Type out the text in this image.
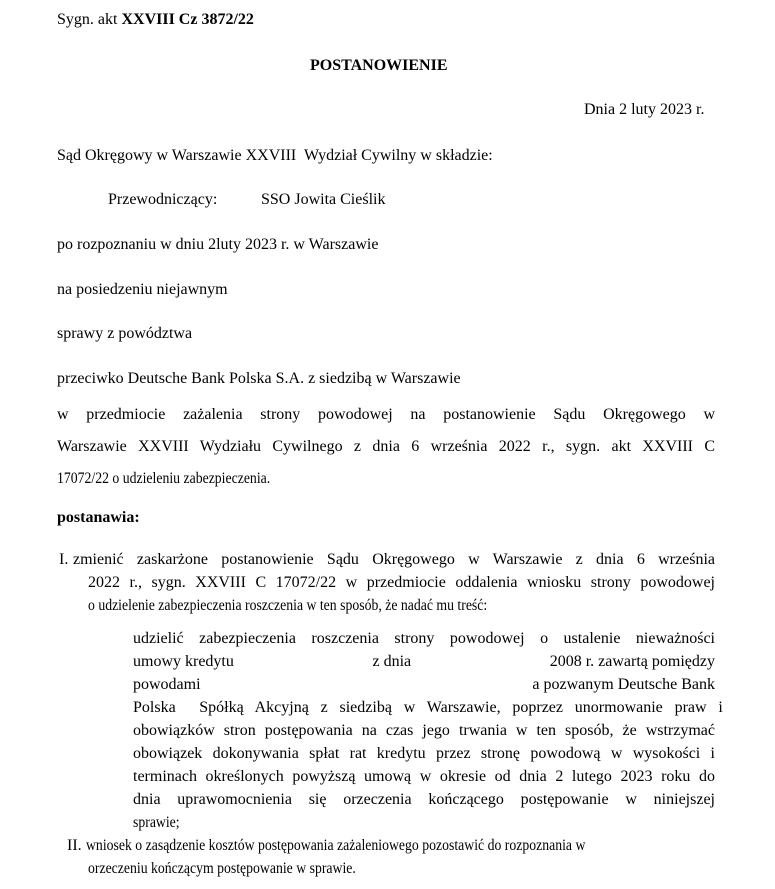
Sygn. akt XXVIII Cz 3872/22
POSTANOWIENIE
Dnia 2 luty 2023 r.
Sąd Okręgowy w Warszawie XXVIII  Wydział Cywilny w składzie:
Przewodniczący:	SSO Jowita Cieślik
po rozpoznaniu w dniu 2luty 2023 r. w Warszawie
na posiedzeniu niejawnym
sprawy z powództwa
przeciwko Deutsche Bank Polska S.A. z siedzibą w Warszawie
w przedmiocie zażalenia strony powodowej na postanowienie Sądu Okręgowego w
Warszawie XXVIII Wydziału Cywilnego z dnia 6 września 2022 r., sygn. akt XXVIII C
17072/22 o udzieleniu zabezpieczenia.
postanawia:
I. zmienić zaskarżone postanowienie Sądu Okręgowego w Warszawie z dnia 6 września
2022 r., sygn. XXVIII C 17072/22 w przedmiocie oddalenia wniosku strony powodowej
o udzielenie zabezpieczenia roszczenia w ten sposób, że nadać mu treść:
udzielić zabezpieczenia roszczenia strony powodowej o ustalenie nieważności
umowy kredytu	z dnia	2008 r. zawartą pomiędzy
powodami	a pozwanym Deutsche Bank
Polska  Spółką Akcyjną z siedzibą w Warszawie, poprzez unormowanie praw i
obowiązków stron postępowania na czas jego trwania w ten sposób, że wstrzymać
obowiązek dokonywania spłat rat kredytu przez stronę powodową w wysokości i
terminach określonych powyższą umową w okresie od dnia 2 lutego 2023 roku do
dnia uprawomocnienia się orzeczenia kończącego postępowanie w niniejszej
sprawie;
II. wniosek o zasądzenie kosztów postępowania zażaleniowego pozostawić do rozpoznania w
orzeczeniu kończącym postępowanie w sprawie.
